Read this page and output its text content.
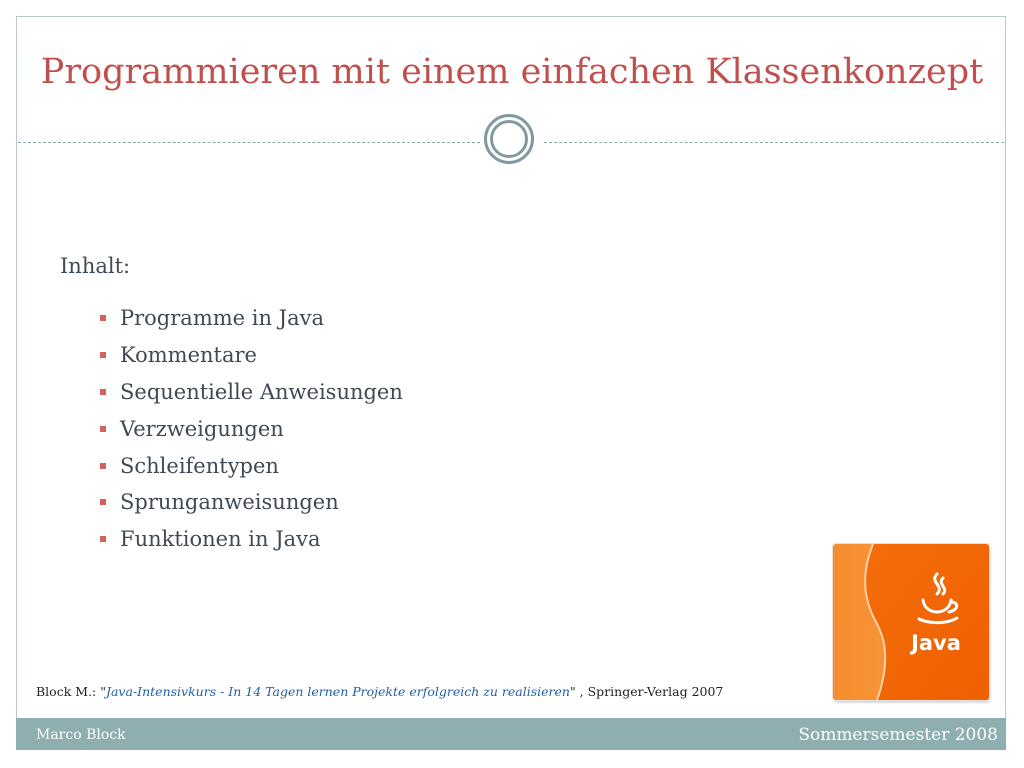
Programmieren mit einem einfachen Klassenkonzept
Inhalt:
Programme in Java
Kommentare
Sequentielle Anweisungen
Verzweigungen
Schleifentypen
Sprunganweisungen
Funktionen in Java
Java
Block M.: "Java-Intensivkurs - In 14 Tagen lernen Projekte erfolgreich zu realisieren" , Springer-Verlag 2007
Marco Block	Sommersemester 2008
